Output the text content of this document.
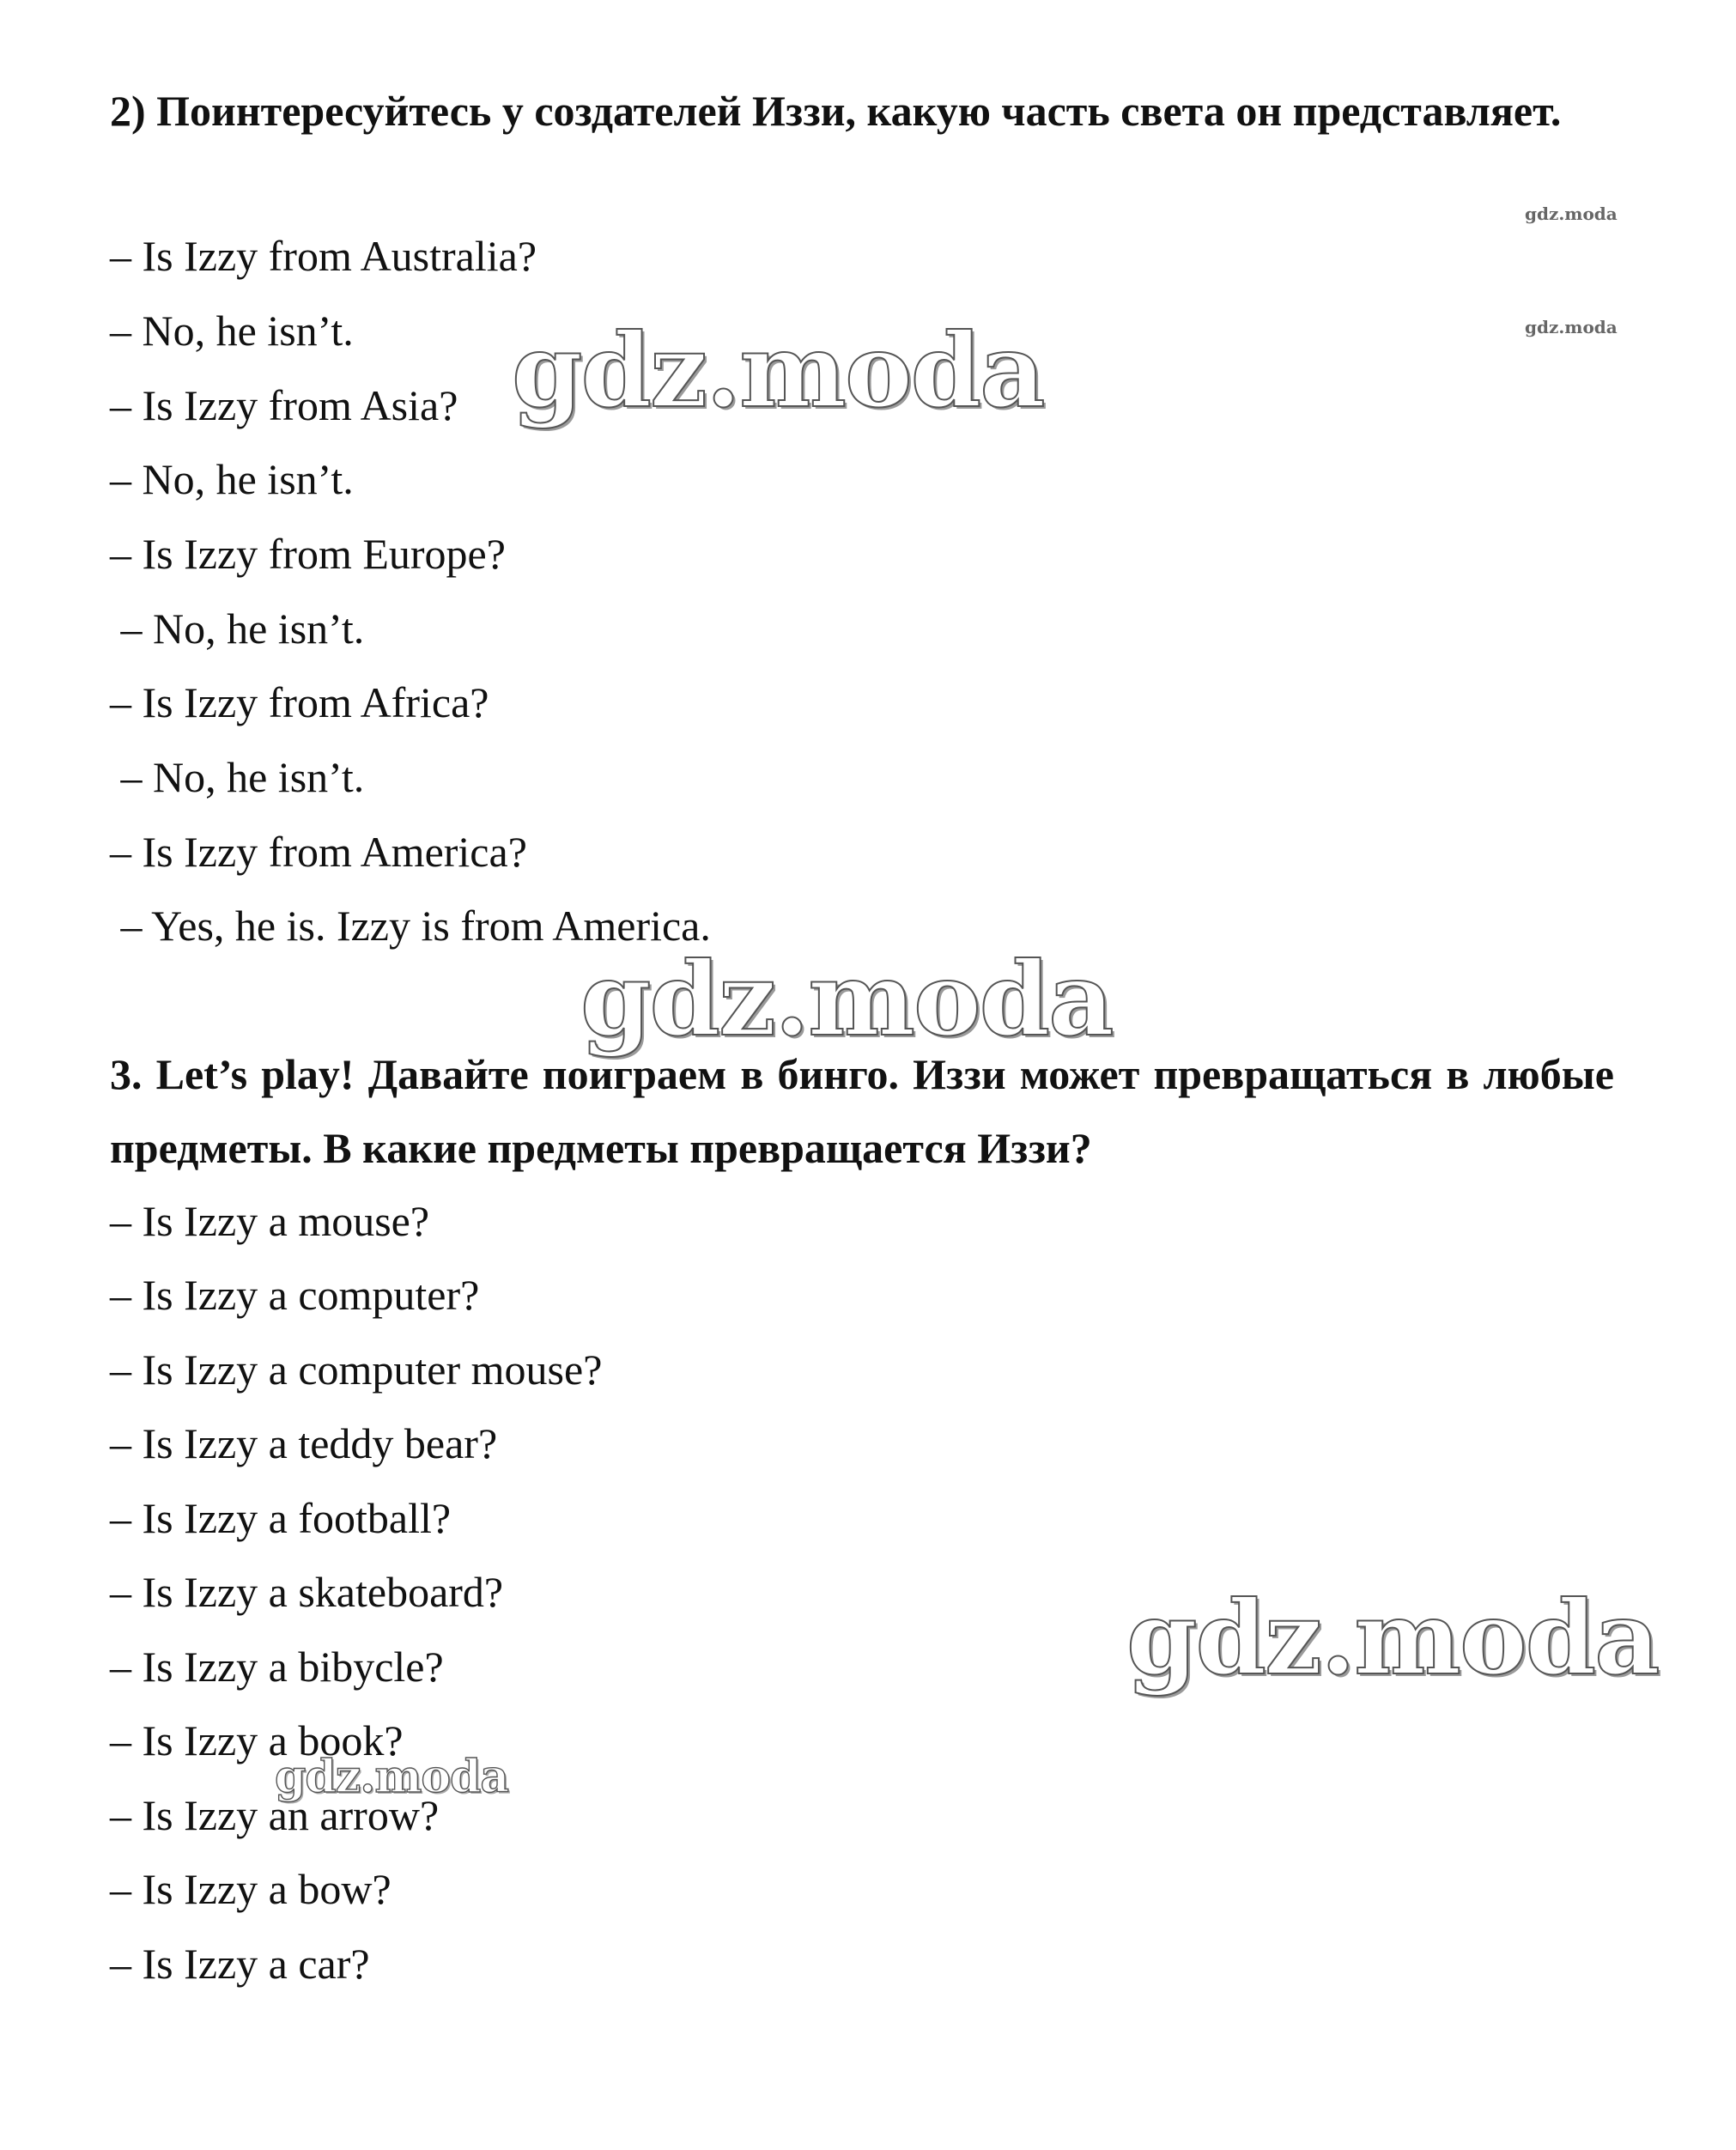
2) Поинтересуйтесь у создателей Иззи, какую часть света он представляет.

– Is Izzy from Australia?

– No, he isn’t.

– Is Izzy from Asia?

– No, he isn’t.

– Is Izzy from Europe?

– No, he isn’t.

– Is Izzy from Africa?

– No, he isn’t.

– Is Izzy from America?

– Yes, he is. Izzy is from America.

3. Let’s play! Давайте поиграем в бинго. Иззи может превращаться в любые предметы. В какие предметы превращается Иззи?

– Is Izzy a mouse?

– Is Izzy a computer?

– Is Izzy a computer mouse?

– Is Izzy a teddy bear?

– Is Izzy a football?

– Is Izzy a skateboard?

– Is Izzy a bibycle?

– Is Izzy a book?

– Is Izzy an arrow?

– Is Izzy a bow?

– Is Izzy a car?

gdz.moda
gdz.moda
gdz.moda
gdz.moda
gdz.moda
gdz.moda
